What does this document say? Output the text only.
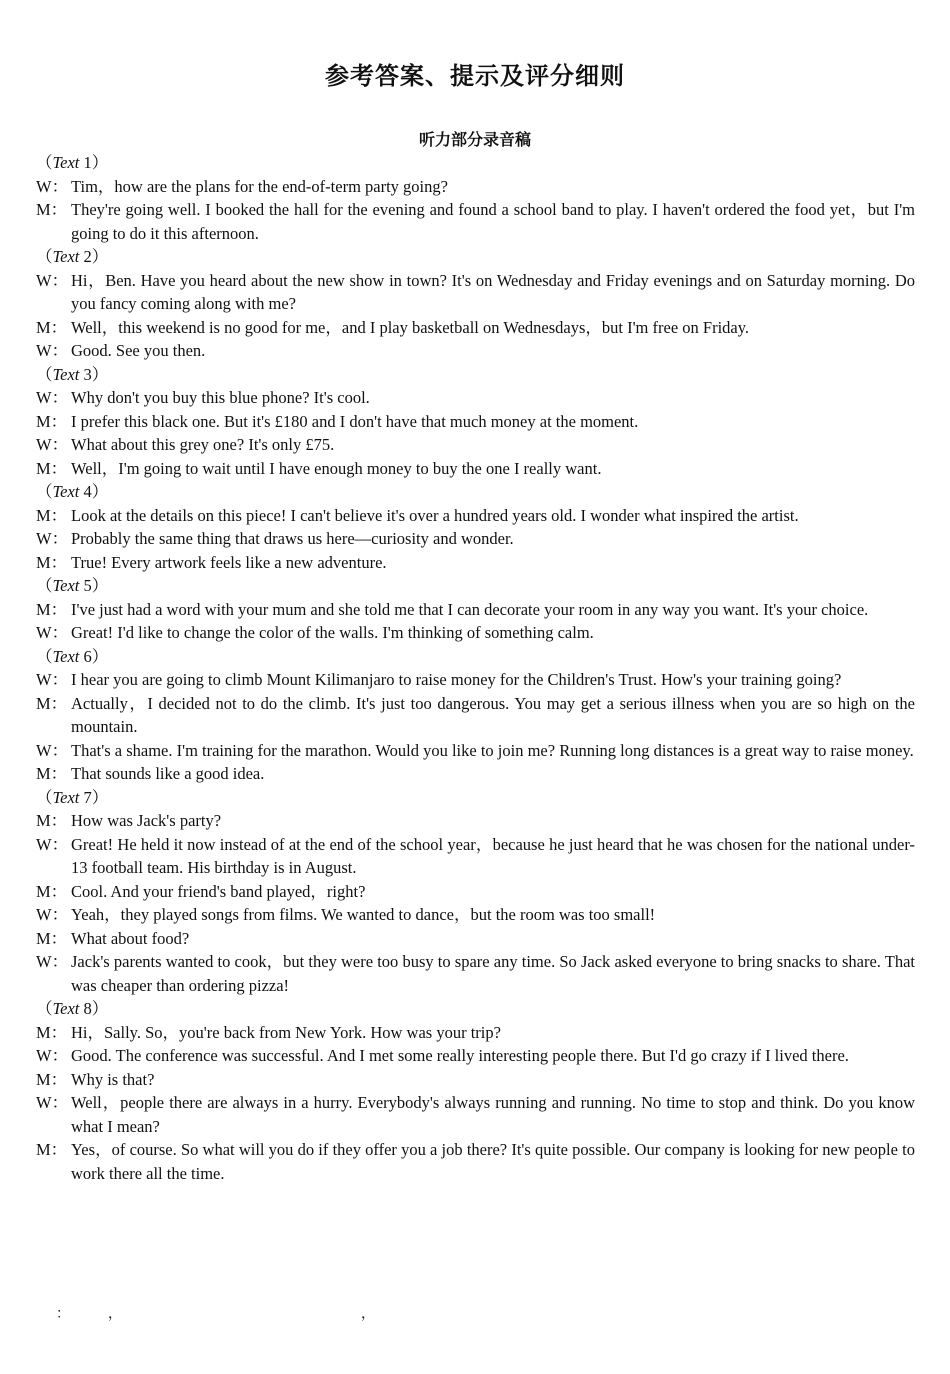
参考答案、提示及评分细则
听力部分录音稿
（Text 1）
W： Tim，how are the plans for the end-of-term party going?
M： They're going well. I booked the hall for the evening and found a school band to play. I haven't ordered the food yet，but I'm going to do it this afternoon.
（Text 2）
W： Hi，Ben. Have you heard about the new show in town? It's on Wednesday and Friday evenings and on Saturday morning. Do you fancy coming along with me?
M： Well，this weekend is no good for me，and I play basketball on Wednesdays，but I'm free on Friday.
W： Good. See you then.
（Text 3）
W： Why don't you buy this blue phone? It's cool.
M： I prefer this black one. But it's £180 and I don't have that much money at the moment.
W： What about this grey one? It's only £75.
M： Well，I'm going to wait until I have enough money to buy the one I really want.
（Text 4）
M： Look at the details on this piece! I can't believe it's over a hundred years old. I wonder what inspired the artist.
W： Probably the same thing that draws us here—curiosity and wonder.
M： True! Every artwork feels like a new adventure.
（Text 5）
M： I've just had a word with your mum and she told me that I can decorate your room in any way you want. It's your choice.
W： Great! I'd like to change the color of the walls. I'm thinking of something calm.
（Text 6）
W： I hear you are going to climb Mount Kilimanjaro to raise money for the Children's Trust. How's your training going?
M： Actually，I decided not to do the climb. It's just too dangerous. You may get a serious illness when you are so high on the mountain.
W： That's a shame. I'm training for the marathon. Would you like to join me? Running long distances is a great way to raise money.
M： That sounds like a good idea.
（Text 7）
M： How was Jack's party?
W： Great! He held it now instead of at the end of the school year，because he just heard that he was chosen for the national under-13 football team. His birthday is in August.
M： Cool. And your friend's band played，right?
W： Yeah，they played songs from films. We wanted to dance，but the room was too small!
M： What about food?
W： Jack's parents wanted to cook，but they were too busy to spare any time. So Jack asked everyone to bring snacks to share. That was cheaper than ordering pizza!
（Text 8）
M： Hi，Sally. So，you're back from New York. How was your trip?
W： Good. The conference was successful. And I met some really interesting people there. But I'd go crazy if I lived there.
M： Why is that?
W： Well，people there are always in a hurry. Everybody's always running and running. No time to stop and think. Do you know what I mean?
M： Yes，of course. So what will you do if they offer you a job there? It's quite possible. Our company is looking for new people to work there all the time.
：	，	，
